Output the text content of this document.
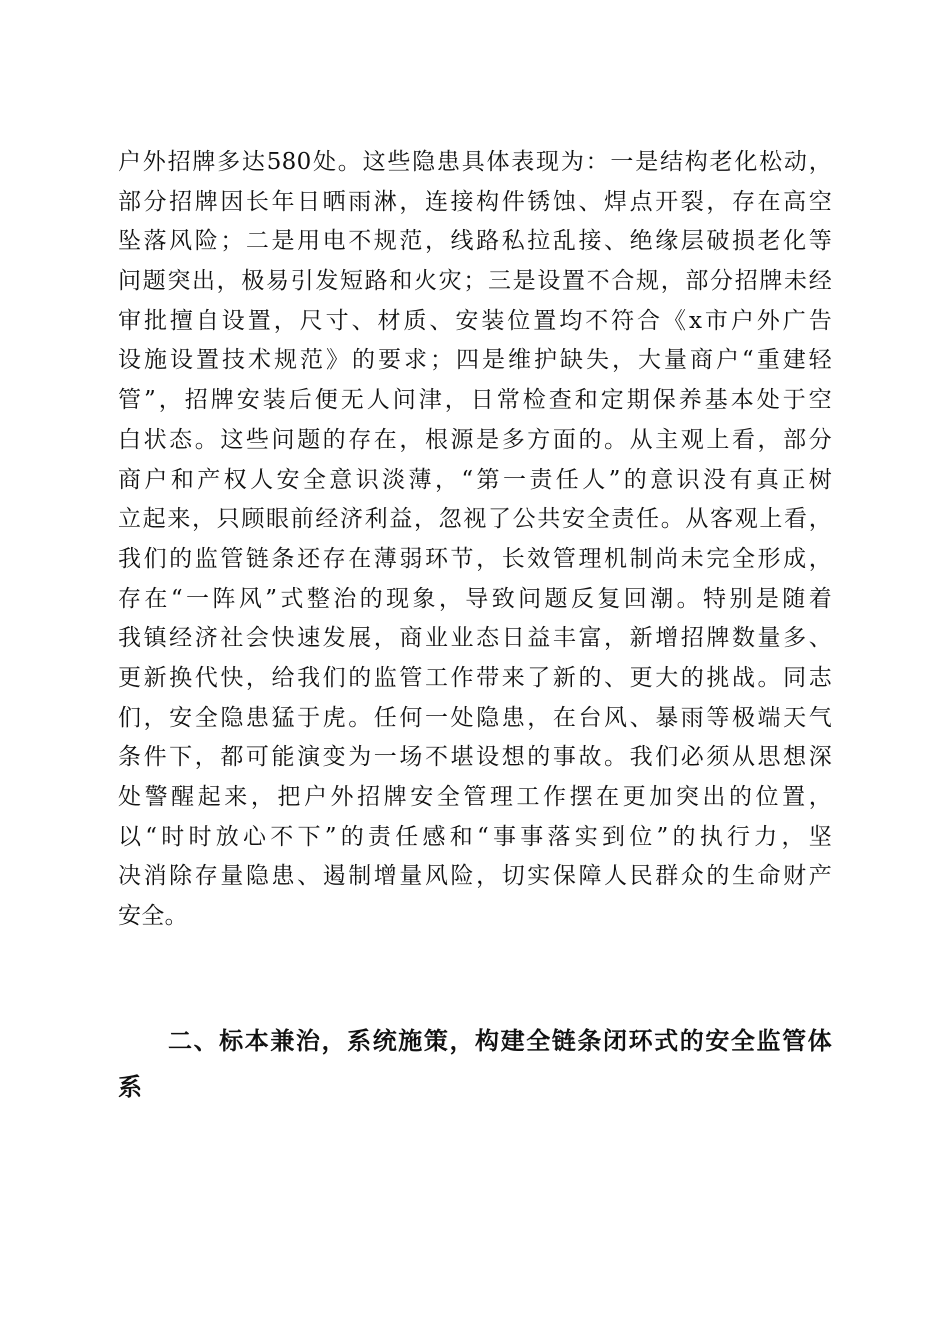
户外招牌多达580处。这些隐患具体表现为：一是结构老化松动，
部分招牌因长年日晒雨淋，连接构件锈蚀、焊点开裂，存在高空
坠落风险；二是用电不规范，线路私拉乱接、绝缘层破损老化等
问题突出，极易引发短路和火灾；三是设置不合规，部分招牌未经
审批擅自设置，尺寸、材质、安装位置均不符合《x市户外广告
设施设置技术规范》的要求；四是维护缺失，大量商户“重建轻
管”，招牌安装后便无人问津，日常检查和定期保养基本处于空
白状态。这些问题的存在，根源是多方面的。从主观上看，部分
商户和产权人安全意识淡薄，“第一责任人”的意识没有真正树
立起来，只顾眼前经济利益，忽视了公共安全责任。从客观上看，
我们的监管链条还存在薄弱环节，长效管理机制尚未完全形成，
存在“一阵风”式整治的现象，导致问题反复回潮。特别是随着
我镇经济社会快速发展，商业业态日益丰富，新增招牌数量多、
更新换代快，给我们的监管工作带来了新的、更大的挑战。同志
们，安全隐患猛于虎。任何一处隐患，在台风、暴雨等极端天气
条件下，都可能演变为一场不堪设想的事故。我们必须从思想深
处警醒起来，把户外招牌安全管理工作摆在更加突出的位置，
以“时时放心不下”的责任感和“事事落实到位”的执行力，坚
决消除存量隐患、遏制增量风险，切实保障人民群众的生命财产
安全。
二、标本兼治，系统施策，构建全链条闭环式的安全监管体
系
